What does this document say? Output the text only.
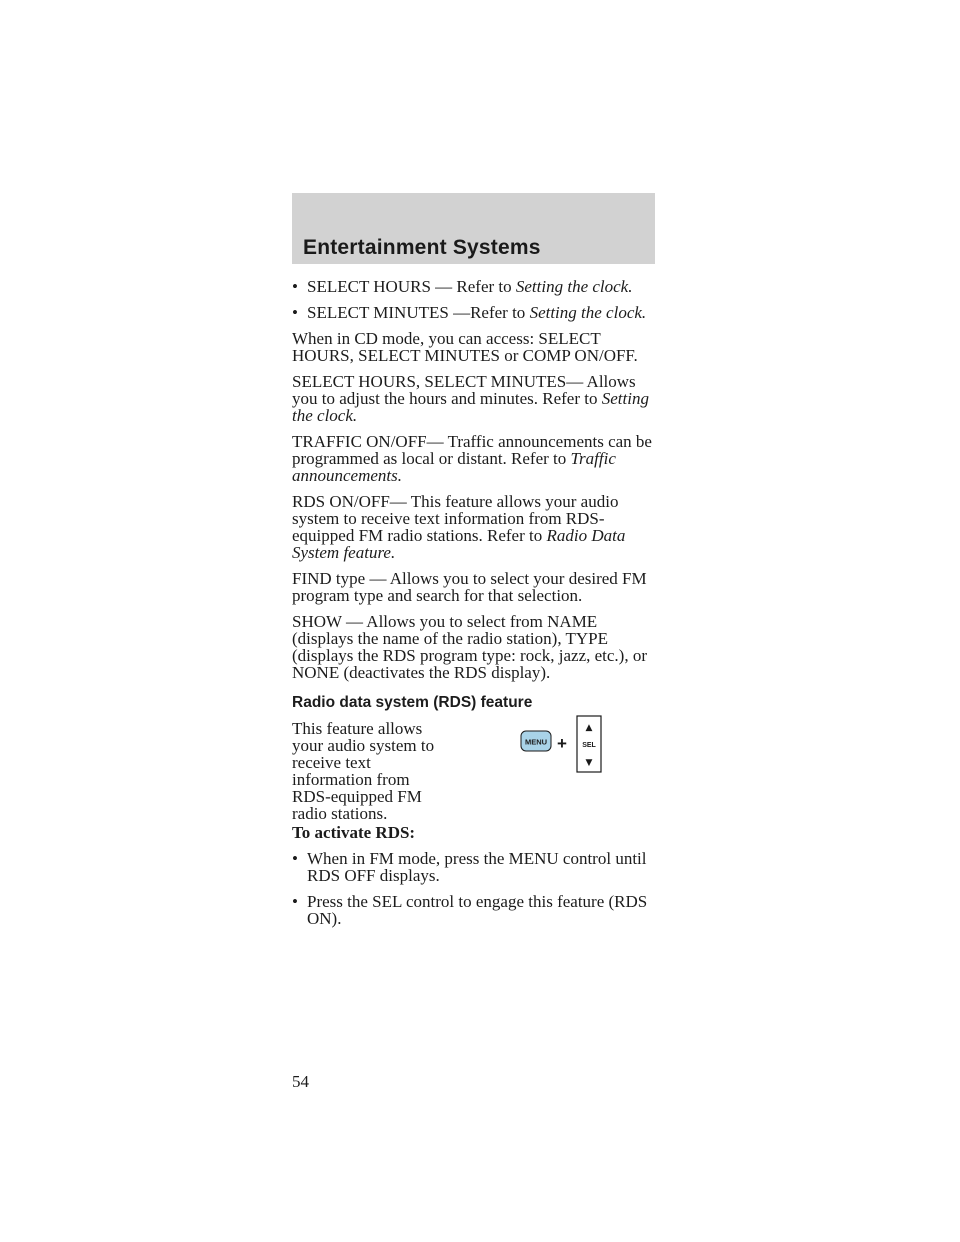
Entertainment Systems
• SELECT HOURS — Refer to Setting the clock.
• SELECT MINUTES —Refer to Setting the clock.

When in CD mode, you can access: SELECT HOURS, SELECT MINUTES or COMP ON/OFF.

SELECT HOURS, SELECT MINUTES— Allows you to adjust the hours and minutes. Refer to Setting the clock.

TRAFFIC ON/OFF— Traffic announcements can be programmed as local or distant. Refer to Traffic announcements.

RDS ON/OFF— This feature allows your audio system to receive text information from RDS-equipped FM radio stations. Refer to Radio Data System feature.

FIND type — Allows you to select your desired FM program type and search for that selection.

SHOW — Allows you to select from NAME (displays the name of the radio station), TYPE (displays the RDS program type: rock, jazz, etc.), or NONE (deactivates the RDS display).

Radio data system (RDS) feature
This feature allows your audio system to receive text information from RDS-equipped FM radio stations.
MENU +
▲
SEL
▼
To activate RDS:
• When in FM mode, press the MENU control until RDS OFF displays.
• Press the SEL control to engage this feature (RDS ON).
54
